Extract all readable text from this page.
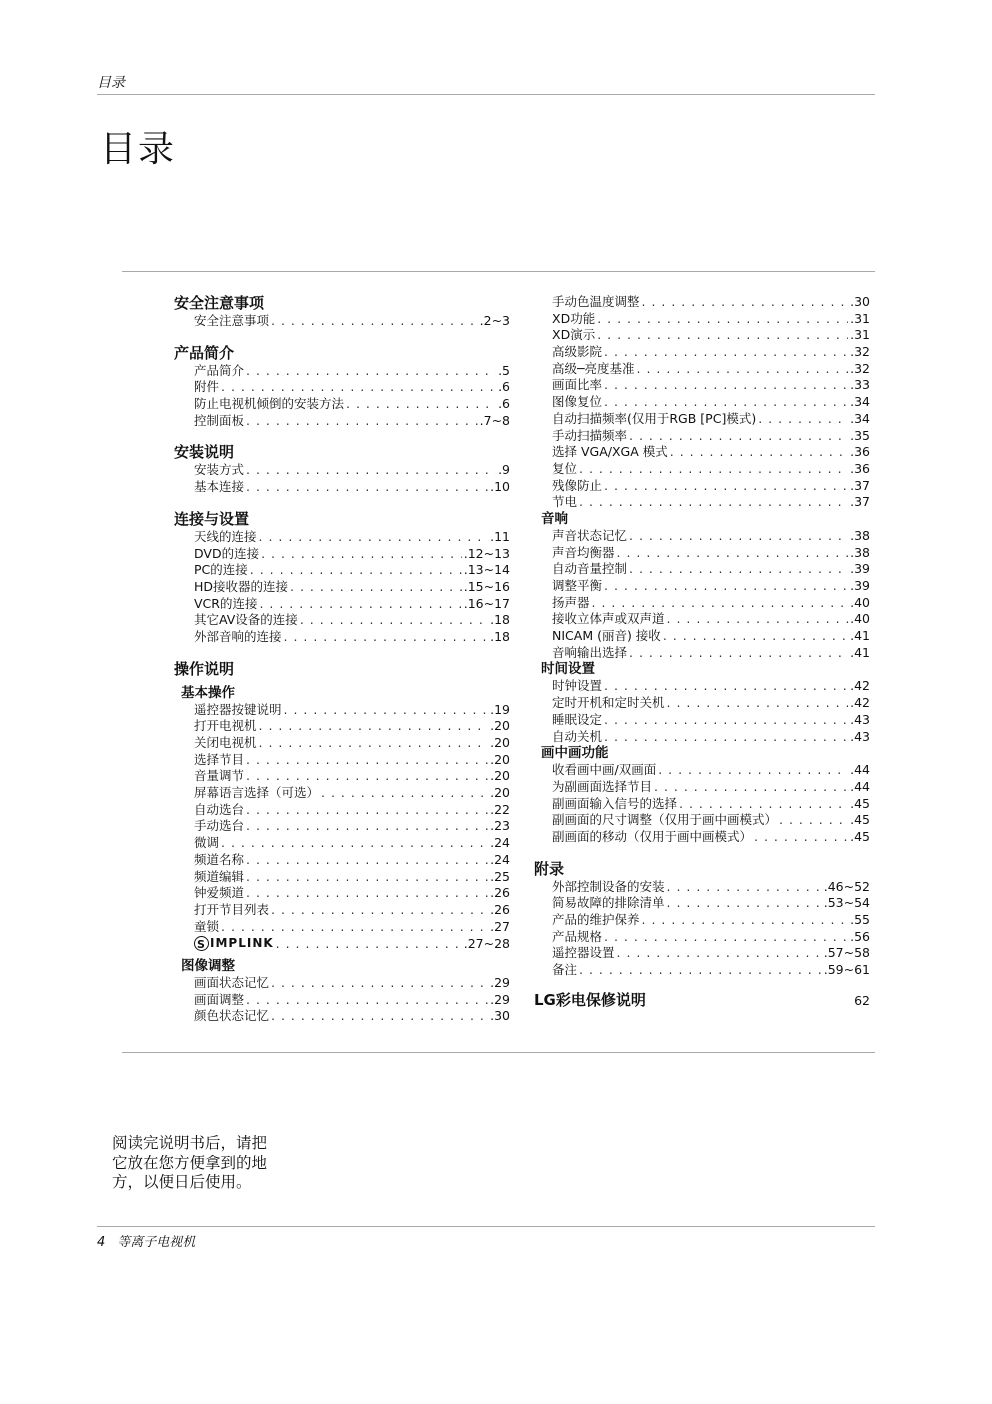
目录
目录
安全注意事项
安全注意事项 . . .	.2~3
产品简介
产品简介 . . .	.5
附件 . . .	.6
防止电视机倾倒的安装方法 . . .	.6
控制面板 . . .	.7~8
安装说明
安装方式 . . .	.9
基本连接 . . .	.10
连接与设置
天线的连接 . . .	.11
DVD的连接 . . .	.12~13
PC的连接 . . .	.13~14
HD接收器的连接 . . .	.15~16
VCR的连接 . . .	.16~17
其它AV设备的连接 . . .	.18
外部音响的连接 . . .	.18
操作说明
基本操作
遥控器按键说明 . . .	.19
打开电视机 . . .	.20
关闭电视机 . . .	.20
选择节目 . . .	.20
音量调节 . . .	.20
屏幕语言选择（可选） . . .	.20
自动选台 . . .	.22
手动选台 . . .	.23
微调 . . .	.24
频道名称 . . .	.24
频道编辑 . . .	.25
钟爱频道 . . .	.26
打开节目列表 . . .	.26
童锁 . . .	.27
S IMPLINK . . .	.27~28
图像调整
画面状态记忆 . . .	.29
画面调整 . . .	.29
颜色状态记忆 . . .	.30
手动色温度调整 . . .	.30
XD功能 . . .	.31
XD演示 . . .	.31
高级影院 . . .	.32
高级─亮度基准 . . .	.32
画面比率 . . .	.33
图像复位 . . .	.34
自动扫描频率(仅用于RGB [PC]模式) . . .	.34
手动扫描频率 . . .	.35
选择 VGA/XGA 模式 . . .	.36
复位 . . .	.36
残像防止 . . .	.37
节电 . . .	.37
音响
声音状态记忆 . . .	.38
声音均衡器 . . .	.38
自动音量控制 . . .	.39
调整平衡 . . .	.39
扬声器 . . .	.40
接收立体声或双声道 . . .	.40
NICAM (丽音) 接收 . . .	.41
音响输出选择 . . .	.41
时间设置
时钟设置 . . .	.42
定时开机和定时关机 . . .	.42
睡眠设定 . . .	.43
自动关机 . . .	.43
画中画功能
收看画中画/双画面 . . .	.44
为副画面选择节目 . . .	.44
副画面输入信号的选择 . . .	.45
副画面的尺寸调整（仅用于画中画模式） . . .	.45
副画面的移动（仅用于画中画模式） . . .	.45
附录
外部控制设备的安装 . . .	.46~52
简易故障的排除清单 . . .	.53~54
产品的维护保养 . . .	.55
产品规格 . . .	.56
遥控器设置 . . .	.57~58
备注 . . .	.59~61
LG彩电保修说明	62
阅读完说明书后，请把它放在您方便拿到的地方，以便日后使用。
4 等离子电视机
